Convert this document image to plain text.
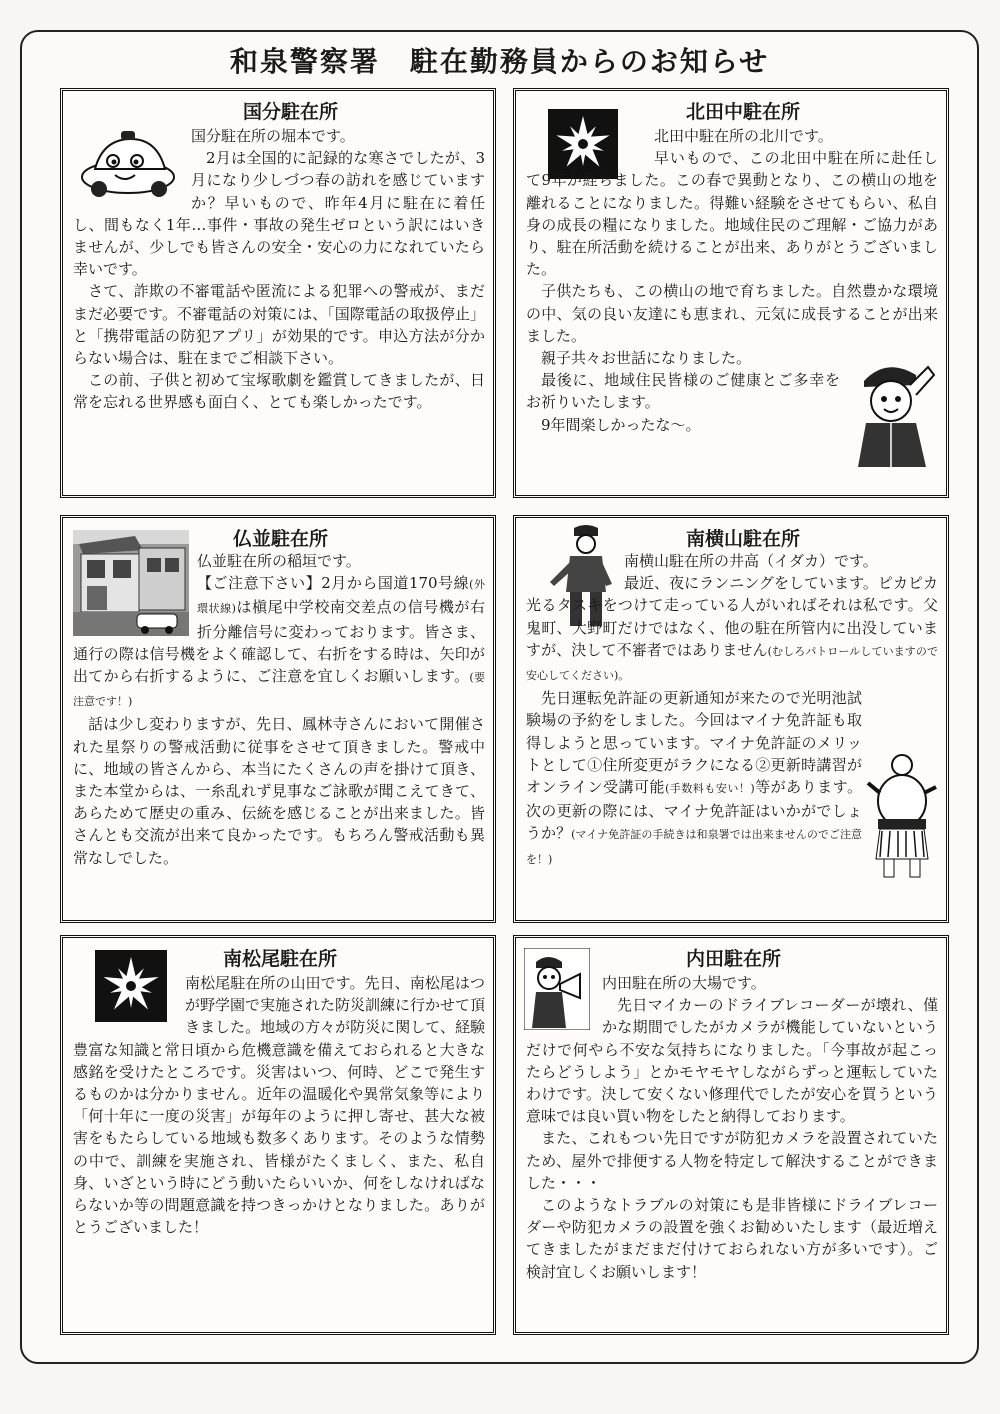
和泉警察署　駐在勤務員からのお知らせ
国分駐在所

国分駐在所の堀本です。

2月は全国的に記録的な寒さでしたが、3月になり少しづつ春の訪れを感じていますか？早いもので、昨年4月に駐在に着任し、間もなく1年…事件・事故の発生ゼロという訳にはいきませんが、少しでも皆さんの安全・安心の力になれていたら幸いです。

さて、詐欺の不審電話や匿流による犯罪への警戒が、まだまだ必要です。不審電話の対策には、「国際電話の取扱停止」と「携帯電話の防犯アプリ」が効果的です。申込方法が分からない場合は、駐在までご相談下さい。

この前、子供と初めて宝塚歌劇を鑑賞してきましたが、日常を忘れる世界感も面白く、とても楽しかったです。

北田中駐在所

北田中駐在所の北川です。

早いもので、この北田中駐在所に赴任して9年が経ちました。この春で異動となり、この横山の地を離れることになりました。得難い経験をさせてもらい、私自身の成長の糧になりました。地域住民のご理解・ご協力があり、駐在所活動を続けることが出来、ありがとうございました。

子供たちも、この横山の地で育ちました。自然豊かな環境の中、気の良い友達にも恵まれ、元気に成長することが出来ました。

親子共々お世話になりました。

最後に、地域住民皆様のご健康とご多幸をお祈りいたします。

9年間楽しかったな～。

仏並駐在所

仏並駐在所の稲垣です。

【ご注意下さい】2月から国道170号線(外環状線)は槇尾中学校南交差点の信号機が右折分離信号に変わっております。皆さま、通行の際は信号機をよく確認して、右折をする時は、矢印が出てから右折するように、ご注意を宜しくお願いします。(要注意です！)

話は少し変わりますが、先日、鳳林寺さんにおいて開催された星祭りの警戒活動に従事をさせて頂きました。警戒中に、地域の皆さんから、本当にたくさんの声を掛けて頂き、また本堂からは、一糸乱れず見事なご詠歌が聞こえてきて、あらためて歴史の重み、伝統を感じることが出来ました。皆さんとも交流が出来て良かったです。もちろん警戒活動も異常なしでした。

南横山駐在所

南横山駐在所の井高（イダカ）です。

最近、夜にランニングをしています。ピカピカ光るタスキをつけて走っている人がいればそれは私です。父鬼町、大野町だけではなく、他の駐在所管内に出没していますが、決して不審者ではありません(むしろパトロールしていますので安心してください)。

先日運転免許証の更新通知が来たので光明池試験場の予約をしました。今回はマイナ免許証も取得しようと思っています。マイナ免許証のメリットとして①住所変更がラクになる②更新時講習がオンライン受講可能(手数料も安い！)等があります。次の更新の際には、マイナ免許証はいかがでしょうか？(マイナ免許証の手続きは和泉署では出来ませんのでご注意を！)

南松尾駐在所

南松尾駐在所の山田です。先日、南松尾はつが野学園で実施された防災訓練に行かせて頂きました。地域の方々が防災に関して、経験豊富な知識と常日頃から危機意識を備えておられると大きな感銘を受けたところです。災害はいつ、何時、どこで発生するものかは分かりません。近年の温暖化や異常気象等により「何十年に一度の災害」が毎年のように押し寄せ、甚大な被害をもたらしている地域も数多くあります。そのような情勢の中で、訓練を実施され、皆様がたくましく、また、私自身、いざという時にどう動いたらいいか、何をしなければならないか等の問題意識を持つきっかけとなりました。ありがとうございました！

内田駐在所

内田駐在所の大場です。

先日マイカーのドライブレコーダーが壊れ、僅かな期間でしたがカメラが機能していないというだけで何やら不安な気持ちになりました。「今事故が起こったらどうしよう」とかモヤモヤしながらずっと運転していたわけです。決して安くない修理代でしたが安心を買うという意味では良い買い物をしたと納得しております。

また、これもつい先日ですが防犯カメラを設置されていたため、屋外で排便する人物を特定して解決することができました・・・

このようなトラブルの対策にも是非皆様にドライブレコーダーや防犯カメラの設置を強くお勧めいたします（最近増えてきましたがまだまだ付けておられない方が多いです）。ご検討宜しくお願いします！
